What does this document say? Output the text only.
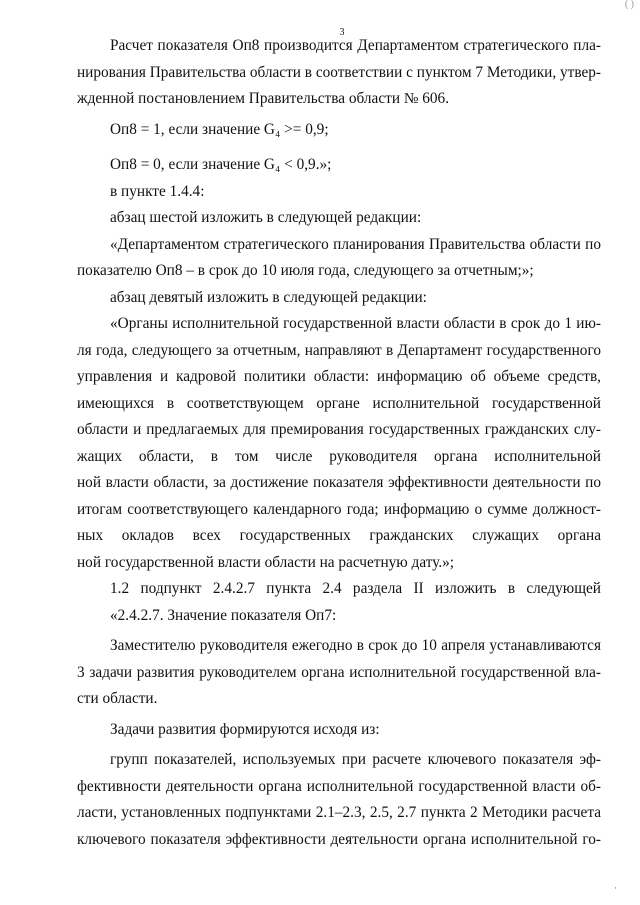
( )
3
Расчет показателя Оп8 производится Департаментом стратегического пла-
нирования Правительства области в соответствии с пунктом 7 Методики, утвер-
жденной постановлением Правительства области № 606.
Оп8 = 1, если значение G₄ >= 0,9;
Оп8 = 0, если значение G₄ < 0,9.»;
в пункте 1.4.4:
абзац шестой изложить в следующей редакции:
«Департаментом стратегического планирования Правительства области по
показателю Оп8 – в срок до 10 июля года, следующего за отчетным;»;
абзац девятый изложить в следующей редакции:
«Органы исполнительной государственной власти области в срок до 1 ию-
ля года, следующего за отчетным, направляют в Департамент государственного
управления и кадровой политики области: информацию об объеме средств,
имеющихся в соответствующем органе исполнительной государственной
области и предлагаемых для премирования государственных гражданских слу-
жащих области, в том числе руководителя органа исполнительной
ной власти области, за достижение показателя эффективности деятельности по
итогам соответствующего календарного года; информацию о сумме должност-
ных окладов всех государственных гражданских служащих органа
ной государственной власти области на расчетную дату.»;
1.2 подпункт 2.4.2.7 пункта 2.4 раздела II изложить в следующей
«2.4.2.7. Значение показателя Оп7:
Заместителю руководителя ежегодно в срок до 10 апреля устанавливаются
3 задачи развития руководителем органа исполнительной государственной вла-
сти области.
Задачи развития формируются исходя из:
групп показателей, используемых при расчете ключевого показателя эф-
фективности деятельности органа исполнительной государственной власти об-
ласти, установленных подпунктами 2.1–2.3, 2.5, 2.7 пункта 2 Методики расчета
ключевого показателя эффективности деятельности органа исполнительной го-
·
